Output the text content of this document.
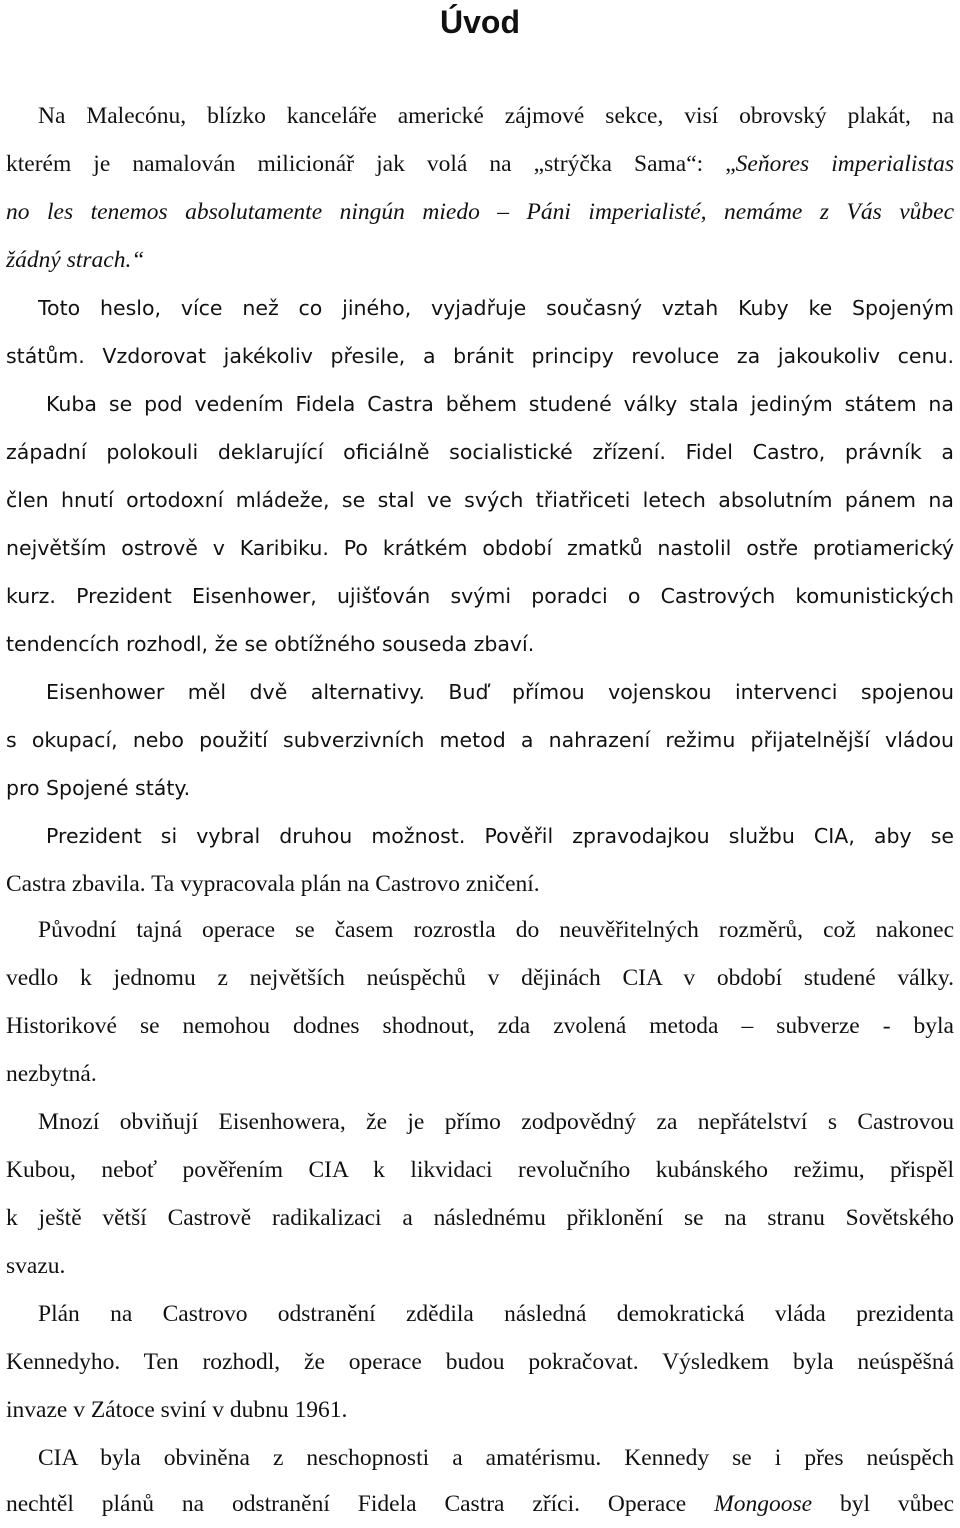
Úvod
Na Malecónu, blízko kanceláře americké zájmové sekce, visí obrovský plakát, na
kterém je namalován milicionář jak volá na „strýčka Sama“: „Seňores imperialistas
no les tenemos absolutamente ningún miedo – Páni imperialisté, nemáme z Vás vůbec
žádný strach.“
Toto heslo, více než co jiného, vyjadřuje současný vztah Kuby ke Spojeným
státům. Vzdorovat jakékoliv přesile, a bránit principy revoluce za jakoukoliv cenu.
Kuba se pod vedením Fidela Castra během studené války stala jediným státem na
západní polokouli deklarující oficiálně socialistické zřízení. Fidel Castro, právník a
člen hnutí ortodoxní mládeže, se stal ve svých třiatřiceti letech absolutním pánem na
největším ostrově v Karibiku. Po krátkém období zmatků nastolil ostře protiamerický
kurz. Prezident Eisenhower, ujišťován svými poradci o Castrových komunistických
tendencích rozhodl, že se obtížného souseda zbaví.
Eisenhower měl dvě alternativy. Buď přímou vojenskou intervenci spojenou
s okupací, nebo použití subverzivních metod a nahrazení režimu přijatelnější vládou
pro Spojené státy.
Prezident si vybral druhou možnost. Pověřil zpravodajkou službu CIA, aby se
Castra zbavila. Ta vypracovala plán na Castrovo zničení.
Původní tajná operace se časem rozrostla do neuvěřitelných rozměrů, což nakonec
vedlo k jednomu z největších neúspěchů v dějinách CIA v období studené války.
Historikové se nemohou dodnes shodnout, zda zvolená metoda – subverze - byla
nezbytná.
Mnozí obviňují Eisenhowera, že je přímo zodpovědný za nepřátelství s Castrovou
Kubou, neboť pověřením CIA k likvidaci revolučního kubánského režimu, přispěl
k ještě větší Castrově radikalizaci a následnému přiklonění se na stranu Sovětského
svazu.
Plán na Castrovo odstranění zdědila následná demokratická vláda prezidenta
Kennedyho. Ten rozhodl, že operace budou pokračovat. Výsledkem byla neúspěšná
invaze v Zátoce sviní v dubnu 1961.
CIA byla obviněna z neschopnosti a amatérismu. Kennedy se i přes neúspěch
nechtěl plánů na odstranění Fidela Castra zříci. Operace Mongoose byl vůbec
